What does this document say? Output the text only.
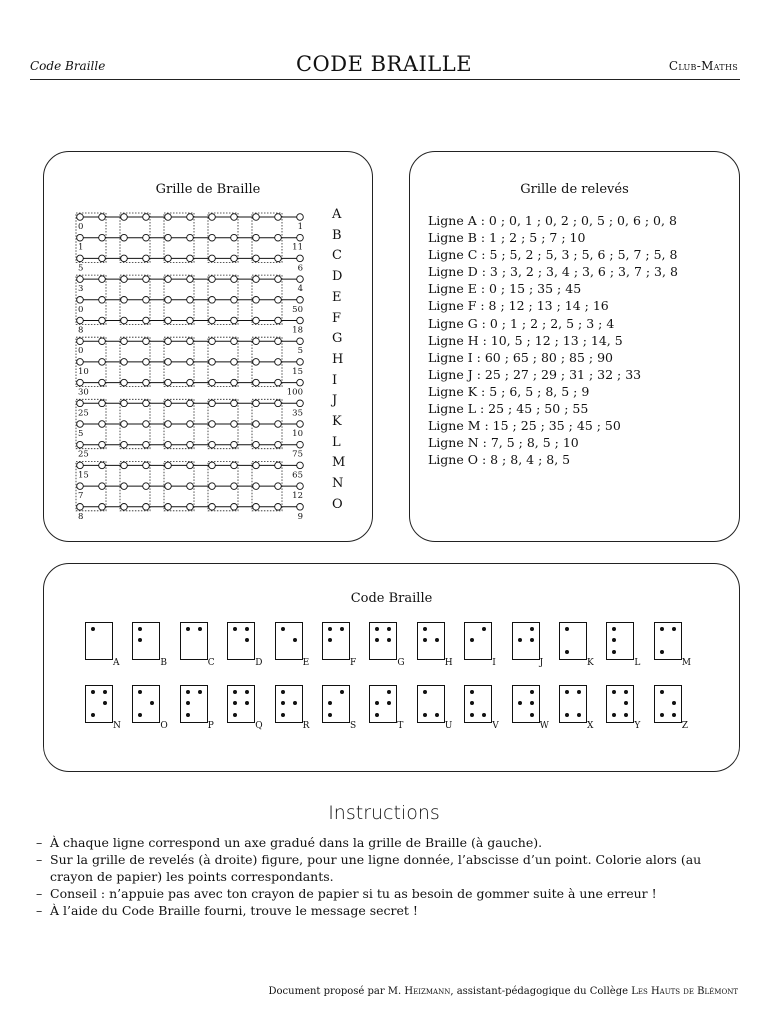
Code Braille	CODE BRAILLE	Club-Maths
Grille de Braille
0	1
1	11
5	6
3	4
0	50
8	18
0	5
10	15
30	100
25	35
5	10
25	75
15	65
7	12
8	9
A
B
C
D
E
F
G
H
I
J
K
L
M
N
O
Grille de relevés
Ligne A : 0 ; 0, 1 ; 0, 2 ; 0, 5 ; 0, 6 ; 0, 8
Ligne B : 1 ; 2 ; 5 ; 7 ; 10
Ligne C : 5 ; 5, 2 ; 5, 3 ; 5, 6 ; 5, 7 ; 5, 8
Ligne D : 3 ; 3, 2 ; 3, 4 ; 3, 6 ; 3, 7 ; 3, 8
Ligne E : 0 ; 15 ; 35 ; 45
Ligne F : 8 ; 12 ; 13 ; 14 ; 16
Ligne G : 0 ; 1 ; 2 ; 2, 5 ; 3 ; 4
Ligne H : 10, 5 ; 12 ; 13 ; 14, 5
Ligne I : 60 ; 65 ; 80 ; 85 ; 90
Ligne J : 25 ; 27 ; 29 ; 31 ; 32 ; 33
Ligne K : 5 ; 6, 5 ; 8, 5 ; 9
Ligne L : 25 ; 45 ; 50 ; 55
Ligne M : 15 ; 25 ; 35 ; 45 ; 50
Ligne N : 7, 5 ; 8, 5 ; 10
Ligne O : 8 ; 8, 4 ; 8, 5
Code Braille
A	B	C	D	E	F	G	H	I	J	K	L	M
N	O	P	Q	R	S	T	U	V	W	X	Y	Z
Instructions
– À chaque ligne correspond un axe gradué dans la grille de Braille (à gauche).
– Sur la grille de revelés (à droite) figure, pour une ligne donnée, l’abscisse d’un point. Colorie alors (au crayon de papier) les points correspondants.
– Conseil : n’appuie pas avec ton crayon de papier si tu as besoin de gommer suite à une erreur !
– À l’aide du Code Braille fourni, trouve le message secret !
Document proposé par M. Heizmann, assistant-pédagogique du Collège Les Hauts de Blémont
